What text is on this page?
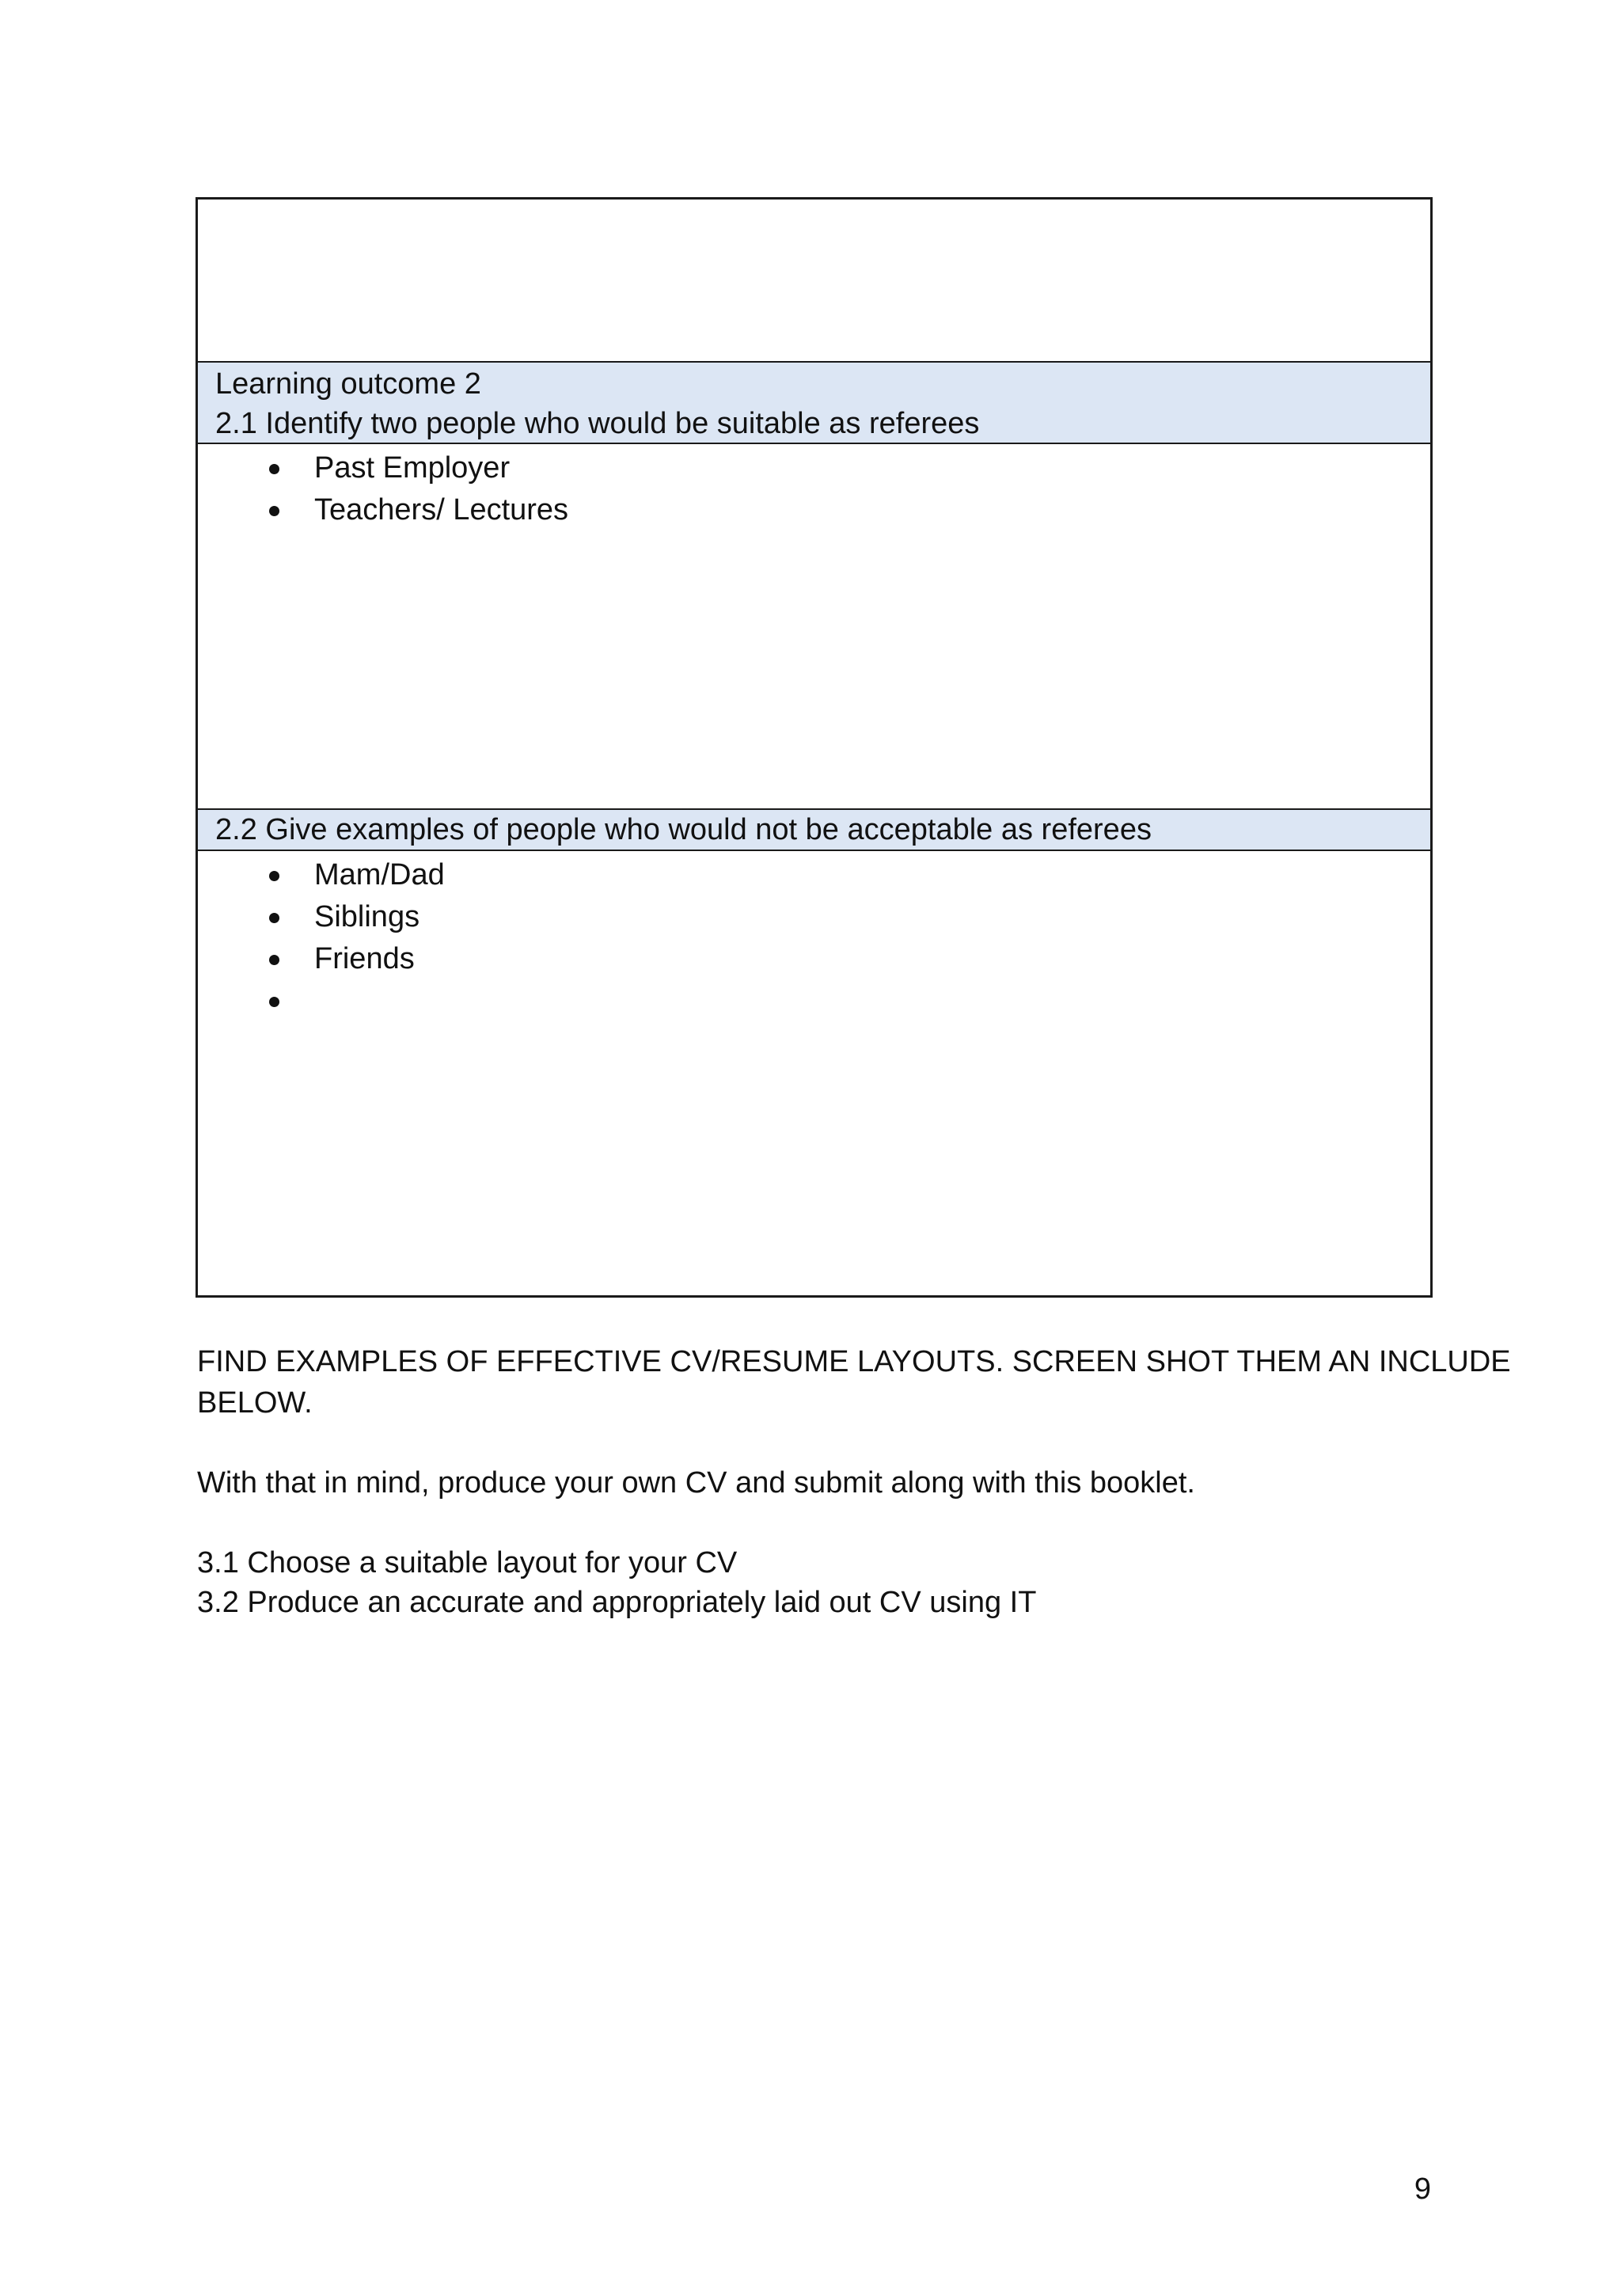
Learning outcome 2
2.1 Identify two people who would be suitable as referees
Past Employer
Teachers/ Lectures
2.2 Give examples of people who would not be acceptable as referees
Mam/Dad
Siblings
Friends
FIND EXAMPLES OF EFFECTIVE CV/RESUME LAYOUTS. SCREEN SHOT THEM AN INCLUDE
BELOW.
With that in mind, produce your own CV and submit along with this booklet.
3.1 Choose a suitable layout for your CV
3.2 Produce an accurate and appropriately laid out CV using IT
9
